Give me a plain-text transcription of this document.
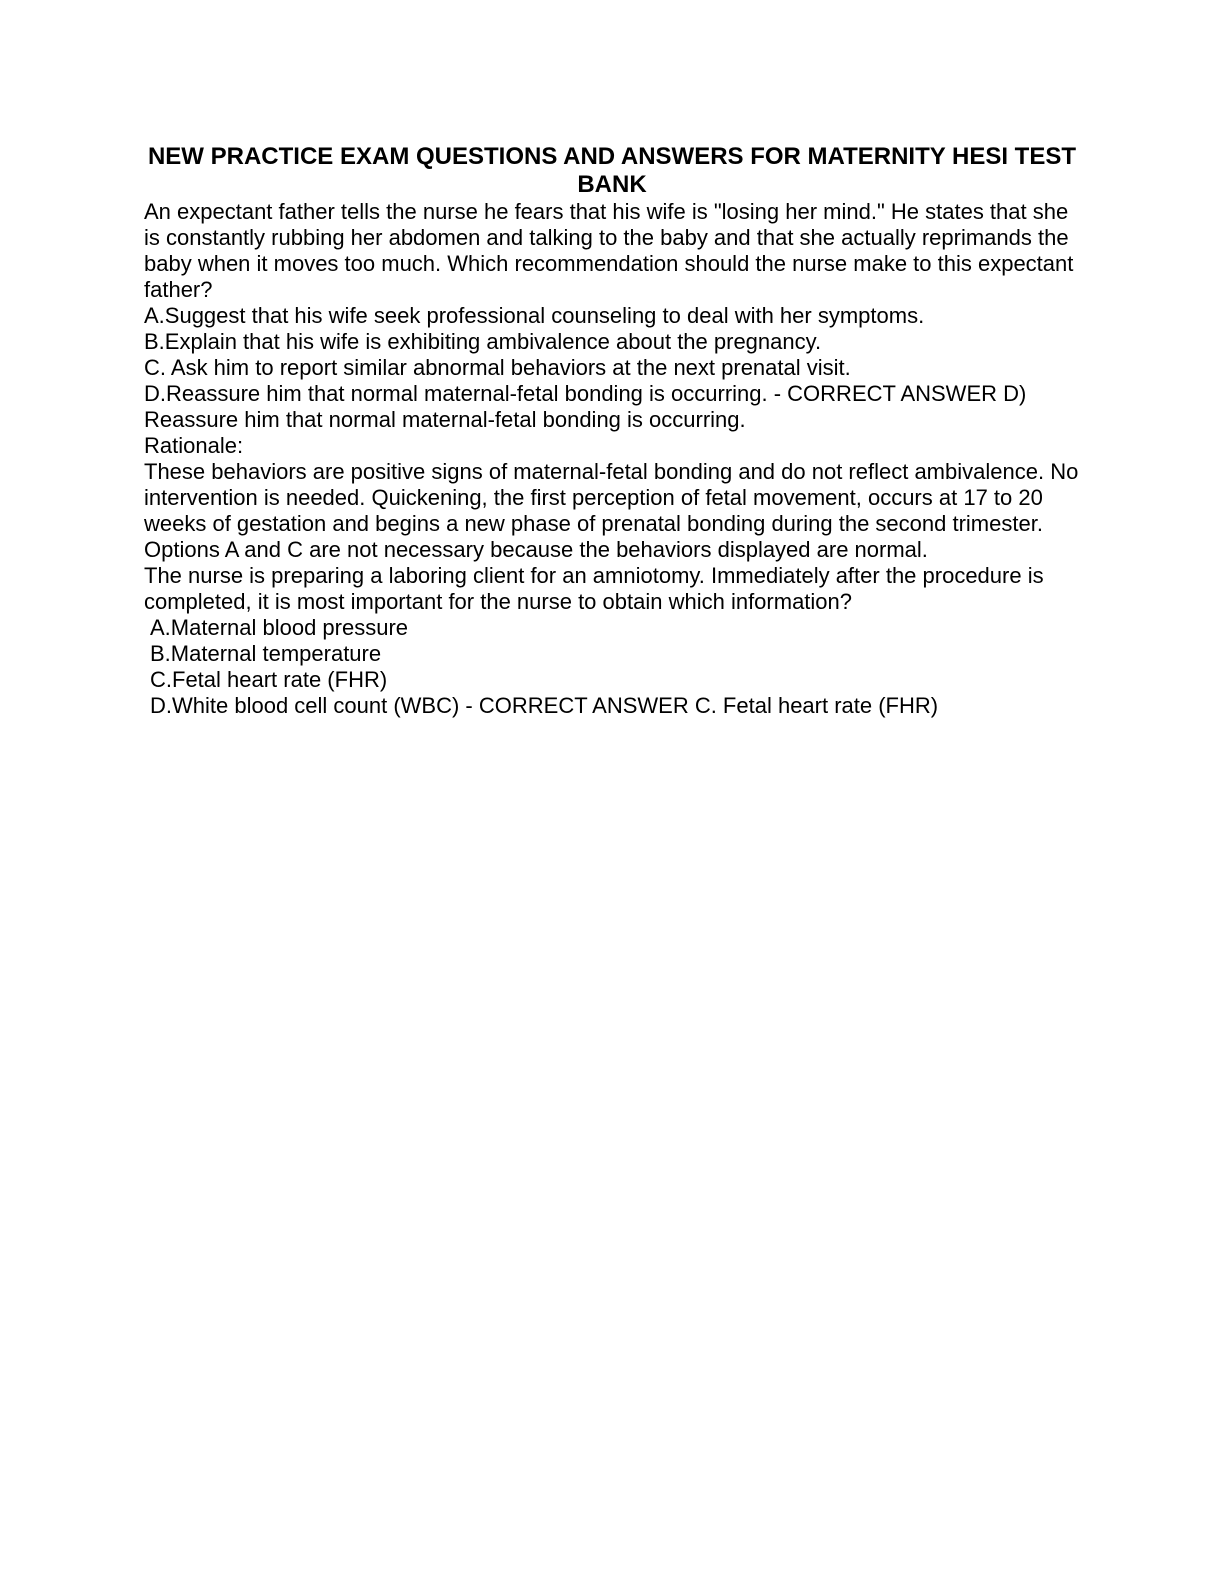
NEW PRACTICE EXAM QUESTIONS AND ANSWERS FOR MATERNITY HESI TEST
BANK

An expectant father tells the nurse he fears that his wife is "losing her mind." He states that she is constantly rubbing her abdomen and talking to the baby and that she actually reprimands the baby when it moves too much. Which recommendation should the nurse make to this expectant father?

A.Suggest that his wife seek professional counseling to deal with her symptoms.

B.Explain that his wife is exhibiting ambivalence about the pregnancy.

C. Ask him to report similar abnormal behaviors at the next prenatal visit.

D.Reassure him that normal maternal-fetal bonding is occurring. - CORRECT ANSWER D) Reassure him that normal maternal-fetal bonding is occurring.

Rationale:

These behaviors are positive signs of maternal-fetal bonding and do not reflect ambivalence. No intervention is needed. Quickening, the first perception of fetal movement, occurs at 17 to 20 weeks of gestation and begins a new phase of prenatal bonding during the second trimester. Options A and C are not necessary because the behaviors displayed are normal.

The nurse is preparing a laboring client for an amniotomy. Immediately after the procedure is completed, it is most important for the nurse to obtain which information?

A.Maternal blood pressure

B.Maternal temperature

C.Fetal heart rate (FHR)

D.White blood cell count (WBC) - CORRECT ANSWER C. Fetal heart rate (FHR)
